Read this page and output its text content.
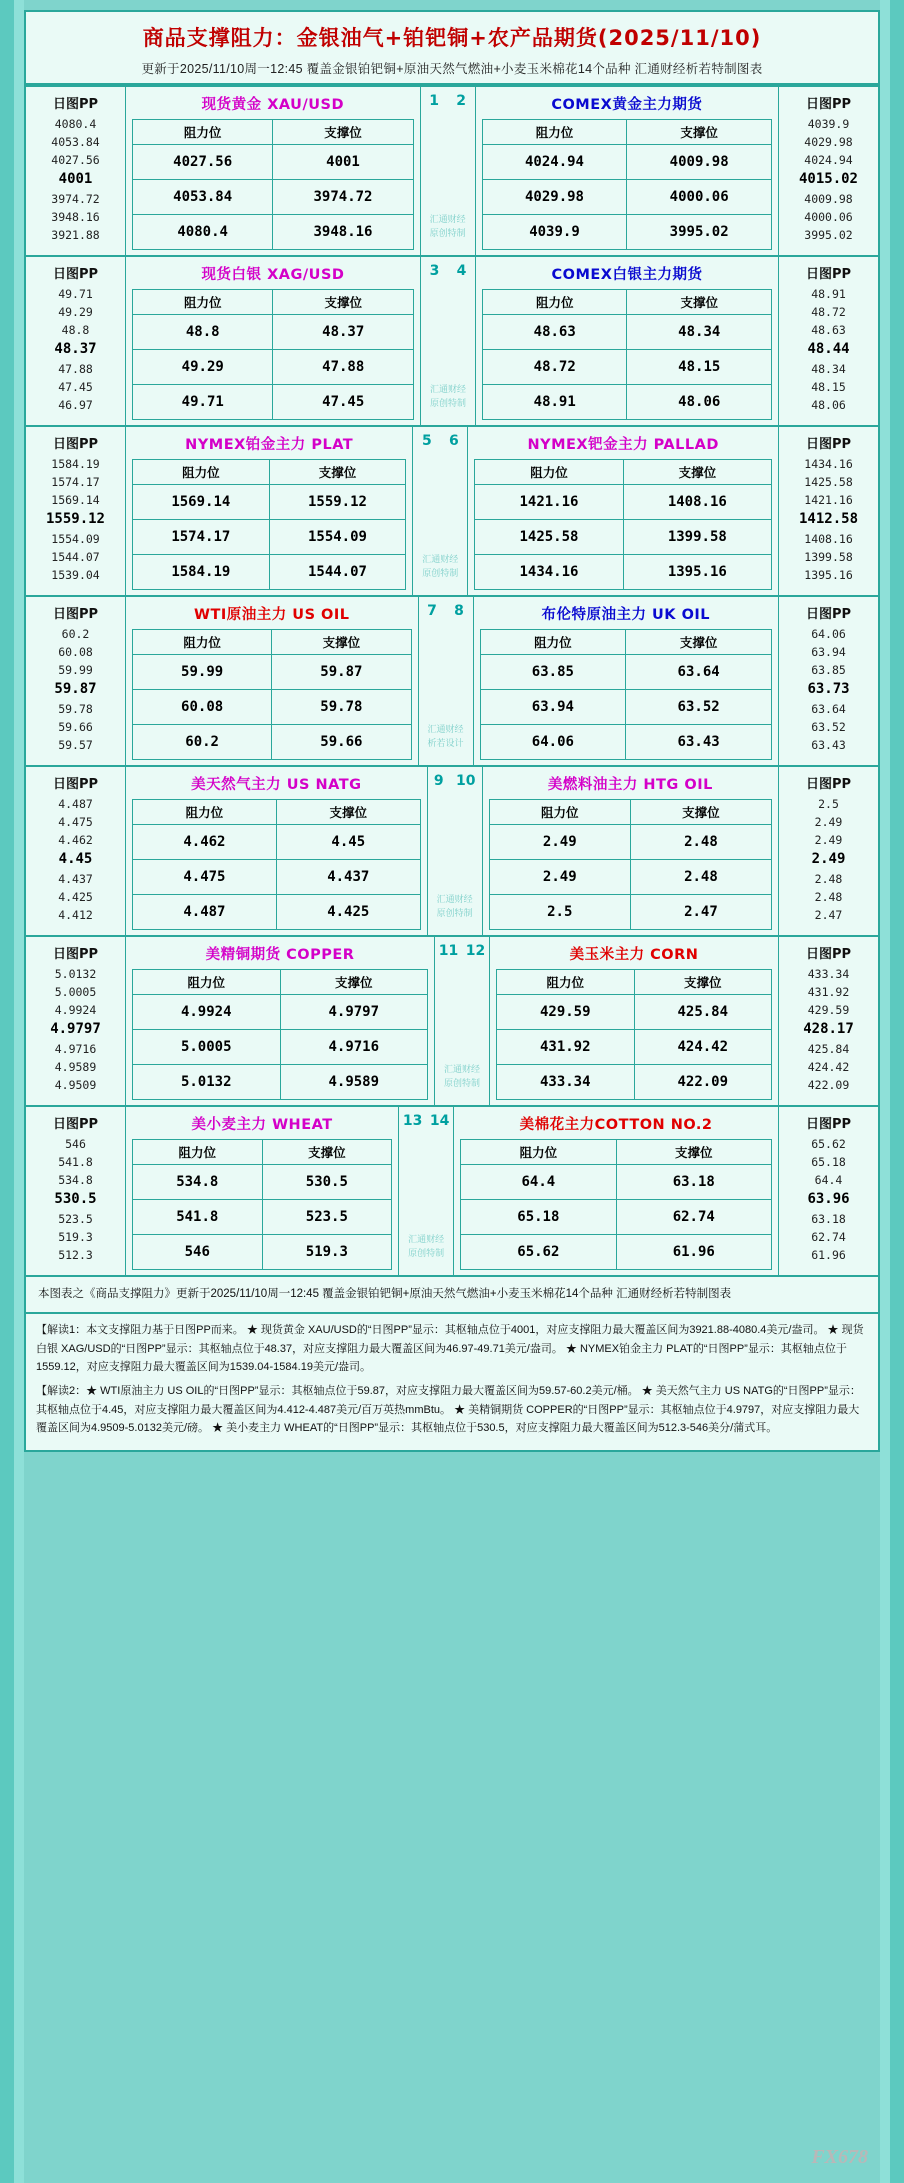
商品支撑阻力：金银油气+铂钯铜+农产品期货(2025/11/10)
更新于2025/11/10周一12:45 覆盖金银铂钯铜+原油天然气燃油+小麦玉米棉花14个品种 汇通财经析若特制图表
日图PP
4080.4
4053.84
4027.56
4001
3974.72
3948.16
3921.88
现货黄金 XAU/USD
阻力位	支撑位
4027.56	4001
4053.84	3974.72
4080.4	3948.16
1 2
汇通财经
原创特制
COMEX黄金主力期货
阻力位	支撑位
4024.94	4009.98
4029.98	4000.06
4039.9	3995.02
日图PP
4039.9
4029.98
4024.94
4015.02
4009.98
4000.06
3995.02
日图PP
49.71
49.29
48.8
48.37
47.88
47.45
46.97
现货白银 XAG/USD
阻力位	支撑位
48.8	48.37
49.29	47.88
49.71	47.45
3 4
汇通财经
原创特制
COMEX白银主力期货
阻力位	支撑位
48.63	48.34
48.72	48.15
48.91	48.06
日图PP
48.91
48.72
48.63
48.44
48.34
48.15
48.06
日图PP
1584.19
1574.17
1569.14
1559.12
1554.09
1544.07
1539.04
NYMEX铂金主力 PLAT
阻力位	支撑位
1569.14	1559.12
1574.17	1554.09
1584.19	1544.07
5 6
汇通财经
原创特制
NYMEX钯金主力 PALLAD
阻力位	支撑位
1421.16	1408.16
1425.58	1399.58
1434.16	1395.16
日图PP
1434.16
1425.58
1421.16
1412.58
1408.16
1399.58
1395.16
日图PP
60.2
60.08
59.99
59.87
59.78
59.66
59.57
WTI原油主力 US OIL
阻力位	支撑位
59.99	59.87
60.08	59.78
60.2	59.66
7 8
汇通财经
析若设计
布伦特原油主力 UK OIL
阻力位	支撑位
63.85	63.64
63.94	63.52
64.06	63.43
日图PP
64.06
63.94
63.85
63.73
63.64
63.52
63.43
日图PP
4.487
4.475
4.462
4.45
4.437
4.425
4.412
美天然气主力 US NATG
阻力位	支撑位
4.462	4.45
4.475	4.437
4.487	4.425
9 10
汇通财经
原创特制
美燃料油主力 HTG OIL
阻力位	支撑位
2.49	2.48
2.49	2.48
2.5	2.47
日图PP
2.5
2.49
2.49
2.49
2.48
2.48
2.47
日图PP
5.0132
5.0005
4.9924
4.9797
4.9716
4.9589
4.9509
美精铜期货 COPPER
阻力位	支撑位
4.9924	4.9797
5.0005	4.9716
5.0132	4.9589
11 12
汇通财经
原创特制
美玉米主力 CORN
阻力位	支撑位
429.59	425.84
431.92	424.42
433.34	422.09
日图PP
433.34
431.92
429.59
428.17
425.84
424.42
422.09
日图PP
546
541.8
534.8
530.5
523.5
519.3
512.3
美小麦主力 WHEAT
阻力位	支撑位
534.8	530.5
541.8	523.5
546	519.3
13 14
汇通财经
原创特制
美棉花主力COTTON NO.2
阻力位	支撑位
64.4	63.18
65.18	62.74
65.62	61.96
日图PP
65.62
65.18
64.4
63.96
63.18
62.74
61.96
本图表之《商品支撑阻力》更新于2025/11/10周一12:45 覆盖金银铂钯铜+原油天然气燃油+小麦玉米棉花14个品种 汇通财经析若特制图表

【解读1：本文支撑阻力基于日图PP而来。 ★ 现货黄金 XAU/USD的“日图PP”显示：其枢轴点位于4001，对应支撑阻力最大覆盖区间为3921.88-4080.4美元/盎司。 ★ 现货白银 XAG/USD的“日图PP”显示：其枢轴点位于48.37，对应支撑阻力最大覆盖区间为46.97-49.71美元/盎司。 ★ NYMEX铂金主力 PLAT的“日图PP”显示：其枢轴点位于1559.12，对应支撑阻力最大覆盖区间为1539.04-1584.19美元/盎司。

【解读2：★ WTI原油主力 US OIL的“日图PP”显示：其枢轴点位于59.87，对应支撑阻力最大覆盖区间为59.57-60.2美元/桶。 ★ 美天然气主力 US NATG的“日图PP”显示：其枢轴点位于4.45，对应支撑阻力最大覆盖区间为4.412-4.487美元/百万英热mmBtu。 ★ 美精铜期货 COPPER的“日图PP”显示：其枢轴点位于4.9797，对应支撑阻力最大覆盖区间为4.9509-5.0132美元/磅。 ★ 美小麦主力 WHEAT的“日图PP”显示：其枢轴点位于530.5，对应支撑阻力最大覆盖区间为512.3-546美分/蒲式耳。

FX678
